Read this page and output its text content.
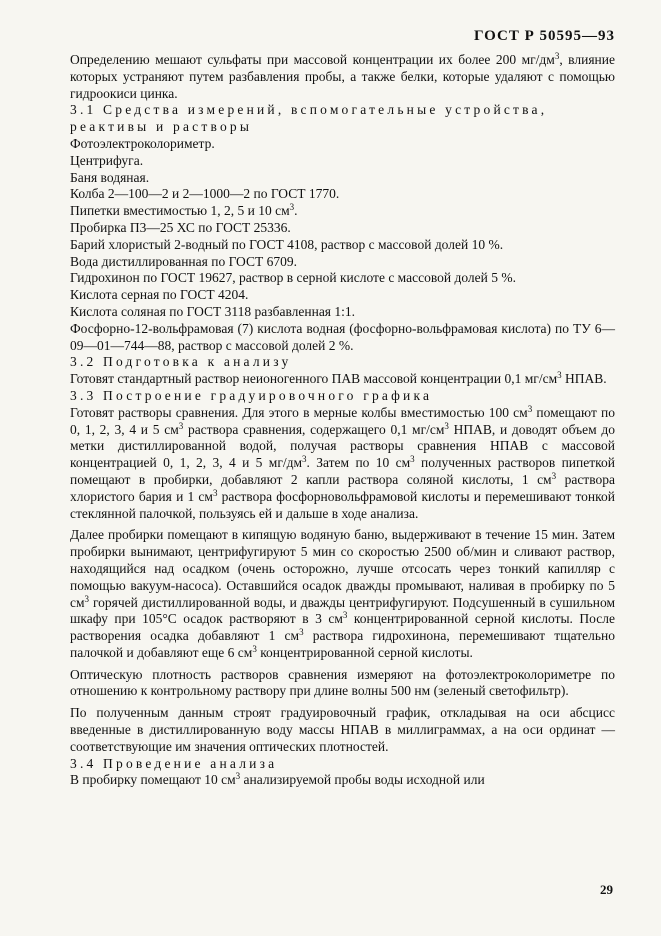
ГОСТ Р 50595—93

Определению мешают сульфаты при массовой концентрации их более 200 $мг/дм^3$, влияние которых устраняют путем разбавления пробы, а также белки, которые удаляют с помощью гидроокиси цинка.

3.1 Средства измерений, вспомогательные устройства, реактивы и растворы

Фотоэлектроколориметр.

Центрифуга.

Баня водяная.

Колба 2—100—2 и 2—1000—2 по ГОСТ 1770.

Пипетки вместимостью 1, 2, 5 и 10 $см^3$.

Пробирка П3—25 ХС по ГОСТ 25336.

Барий хлористый 2-водный по ГОСТ 4108, раствор с массовой долей 10 %.

Вода дистиллированная по ГОСТ 6709.

Гидрохинон по ГОСТ 19627, раствор в серной кислоте с массовой долей 5 %.

Кислота серная по ГОСТ 4204.

Кислота соляная по ГОСТ 3118 разбавленная 1:1.

Фосфорно-12-вольфрамовая (7) кислота водная (фосфорно-вольфрамовая кислота) по ТУ 6—09—01—744—88, раствор с массовой долей 2 %.

3.2 Подготовка к анализу

Готовят стандартный раствор неионогенного ПАВ массовой концентрации 0,1 $мг/см^3$ НПАВ.

3.3 Построение градуировочного графика

Готовят растворы сравнения. Для этого в мерные колбы вместимостью 100 $см^3$ помещают по 0, 1, 2, 3, 4 и 5 $см^3$ раствора сравнения, содержащего 0,1 $мг/см^3$ НПАВ, и доводят объем до метки дистиллированной водой, получая растворы сравнения НПАВ с массовой концентрацией 0, 1, 2, 3, 4 и 5 $мг/дм^3$. Затем по 10 $см^3$ полученных растворов пипеткой помещают в пробирки, добавляют 2 капли раствора соляной кислоты, 1 $см^3$ раствора хлористого бария и 1 $см^3$ раствора фосфорновольфрамовой кислоты и перемешивают тонкой стеклянной палочкой, пользуясь ей и дальше в ходе анализа.

Далее пробирки помещают в кипящую водяную баню, выдерживают в течение 15 мин. Затем пробирки вынимают, центрифугируют 5 мин со скоростью 2500 об/мин и сливают раствор, находящийся над осадком (очень осторожно, лучше отсосать через тонкий капилляр с помощью вакуум-насоса). Оставшийся осадок дважды промывают, наливая в пробирку по 5 $см^3$ горячей дистиллированной воды, и дважды центрифугируют. Подсушенный в сушильном шкафу при 105°С осадок растворяют в 3 $см^3$ концентрированной серной кислоты. После растворения осадка добавляют 1 $см^3$ раствора гидрохинона, перемешивают тщательно палочкой и добавляют еще 6 $см^3$ концентрированной серной кислоты.

Оптическую плотность растворов сравнения измеряют на фотоэлектроколориметре по отношению к контрольному раствору при длине волны 500 нм (зеленый светофильтр).

По полученным данным строят градуировочный график, откладывая на оси абсцисс введенные в дистиллированную воду массы НПАВ в миллиграммах, а на оси ординат — соответствующие им значения оптических плотностей.

3.4 Проведение анализа

В пробирку помещают 10 $см^3$ анализируемой пробы воды исходной или

29
